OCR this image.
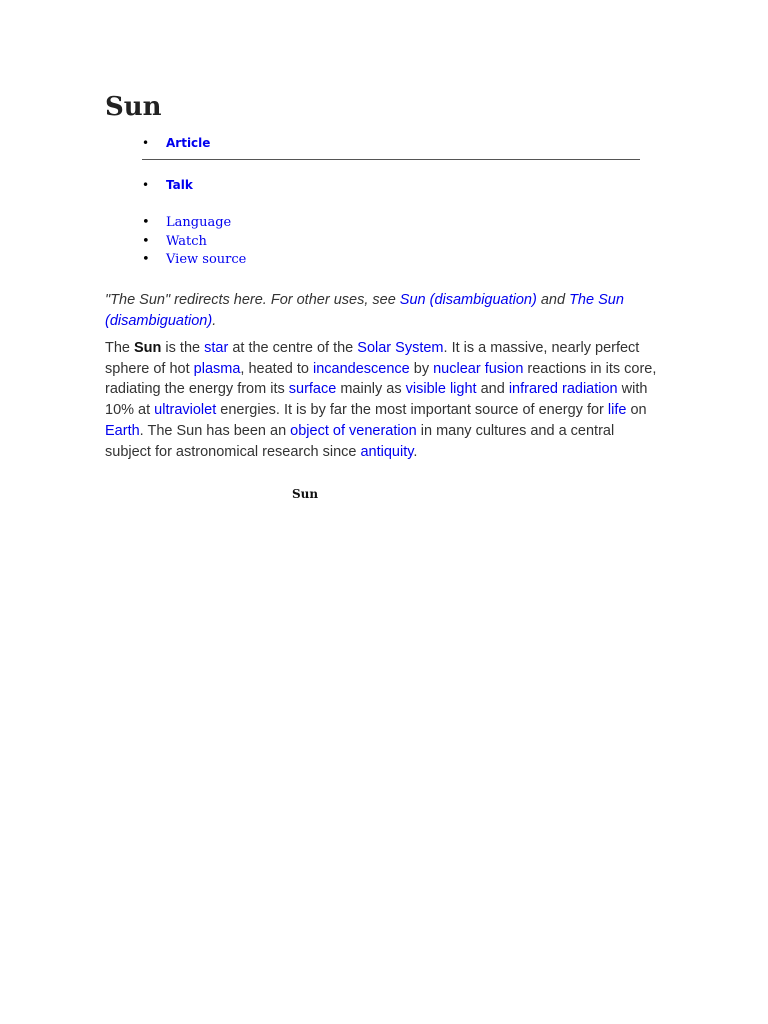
Sun
• Article
• Talk
• Language
• Watch
• View source

"The Sun" redirects here. For other uses, see Sun (disambiguation) and The Sun (disambiguation).

The Sun is the star at the centre of the Solar System. It is a massive, nearly perfect sphere of hot plasma, heated to incandescence by nuclear fusion reactions in its core, radiating the energy from its surface mainly as visible light and infrared radiation with 10% at ultraviolet energies. It is by far the most important source of energy for life on Earth. The Sun has been an object of veneration in many cultures and a central subject for astronomical research since antiquity.

Sun
